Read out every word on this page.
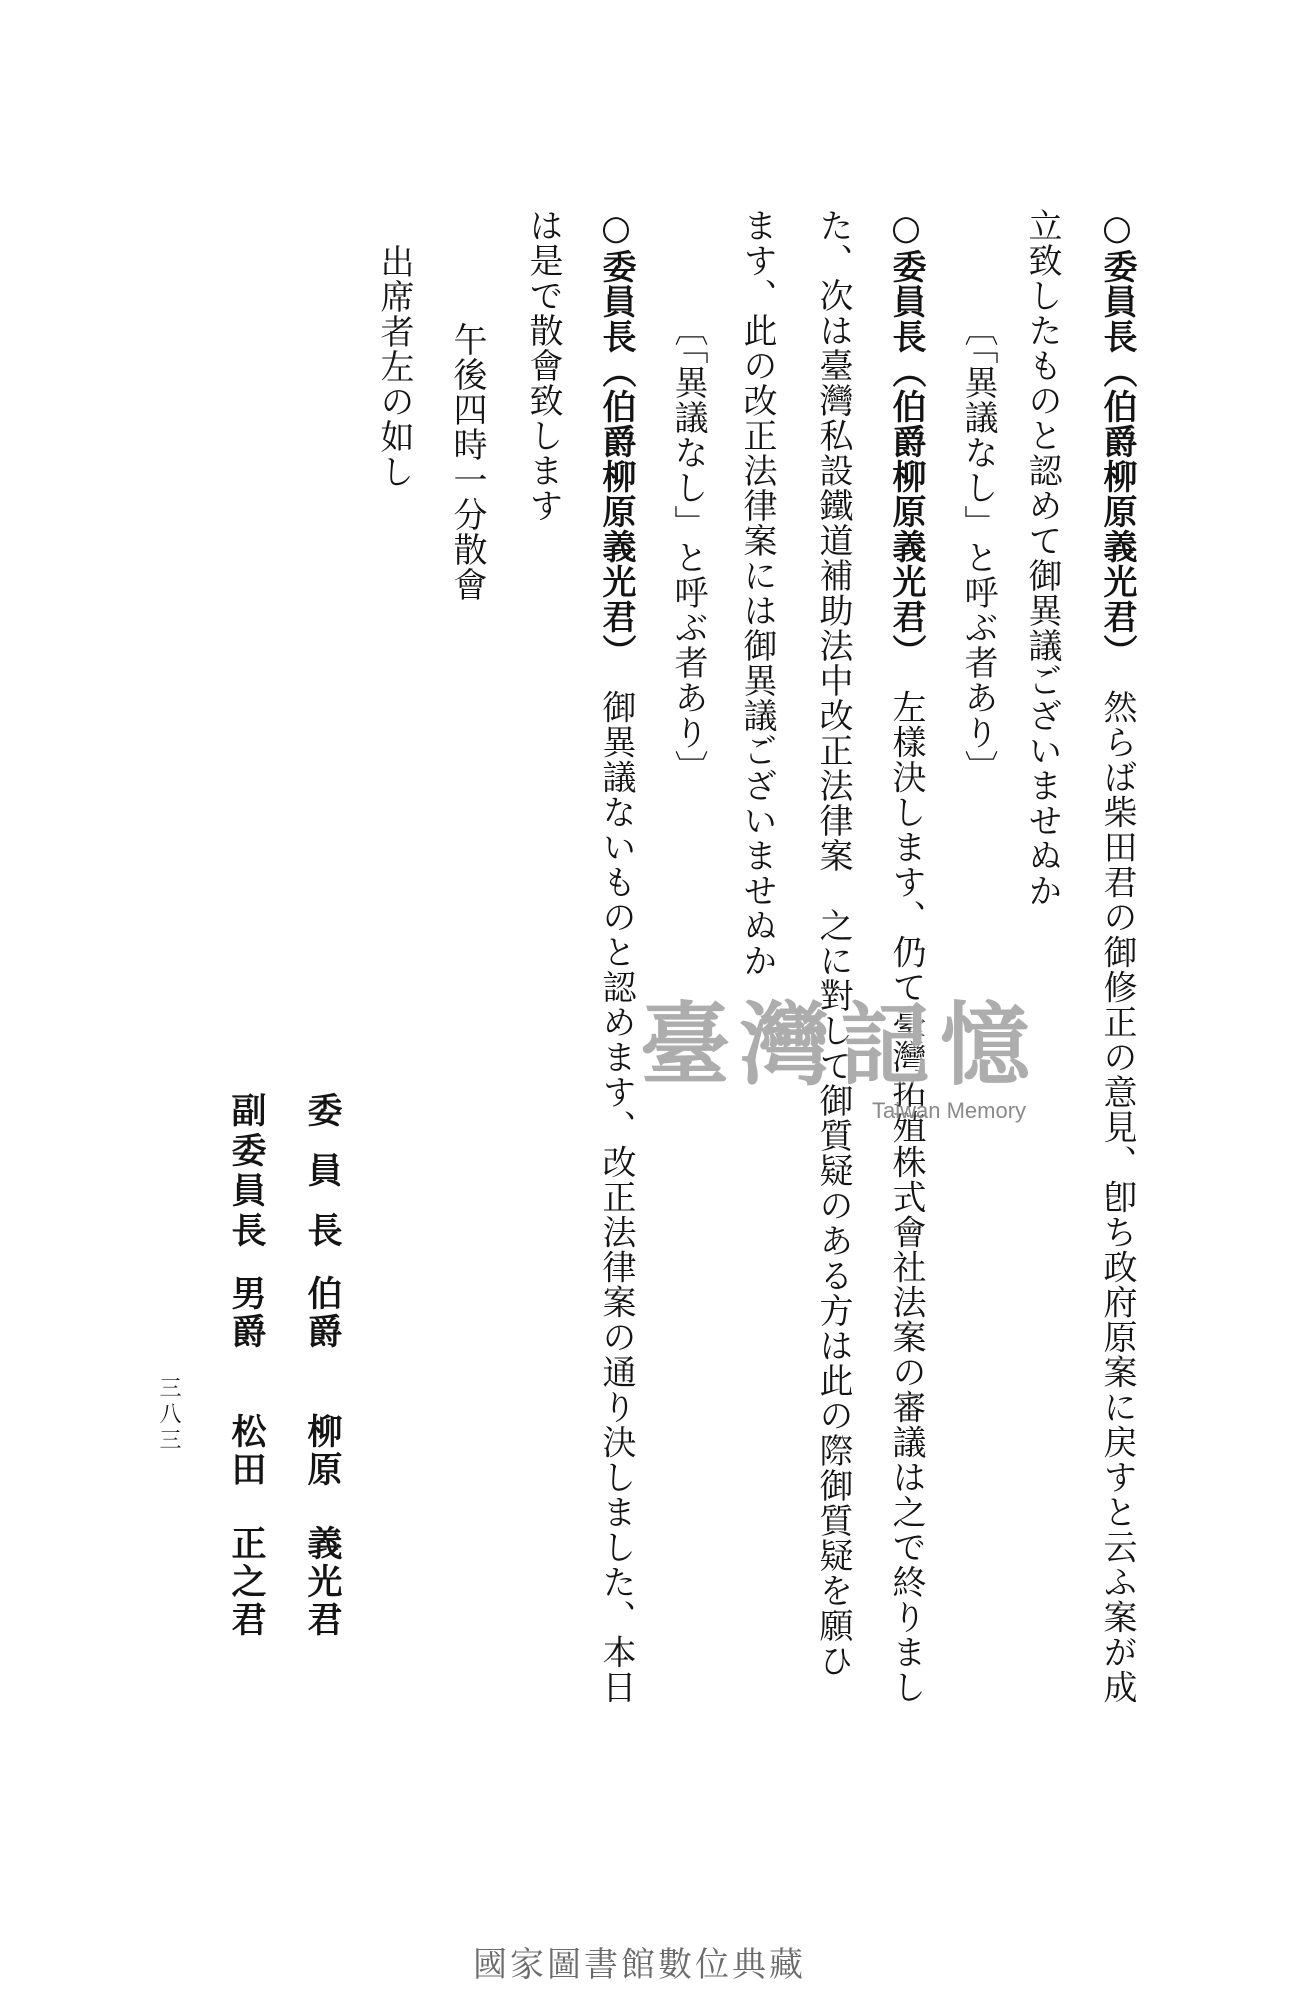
○委員長（伯爵柳原義光君）然らば柴田君の御修正の意見、卽ち政府原案に戻すと云ふ案が成
立致したものと認めて御異議ございませぬか
〔「異議なし」と呼ぶ者あり〕
○委員長（伯爵柳原義光君）左樣決します、仍て臺灣拓殖株式會社法案の審議は之で終りまし
た、次は臺灣私設鐵道補助法中改正法律案　之に對して御質疑のある方は此の際御質疑を願ひ
ます、此の改正法律案には御異議ございませぬか
〔「異議なし」と呼ぶ者あり〕
○委員長（伯爵柳原義光君）御異議ないものと認めます、改正法律案の通り決しました、本日
は是で散會致します
午後四時一分散會
出席者左の如し
委員長
伯爵
柳原
義光君
副委員長
男爵
松田
正之君
三八三
臺灣記憶
Taiwan Memory
國家圖書館數位典藏
